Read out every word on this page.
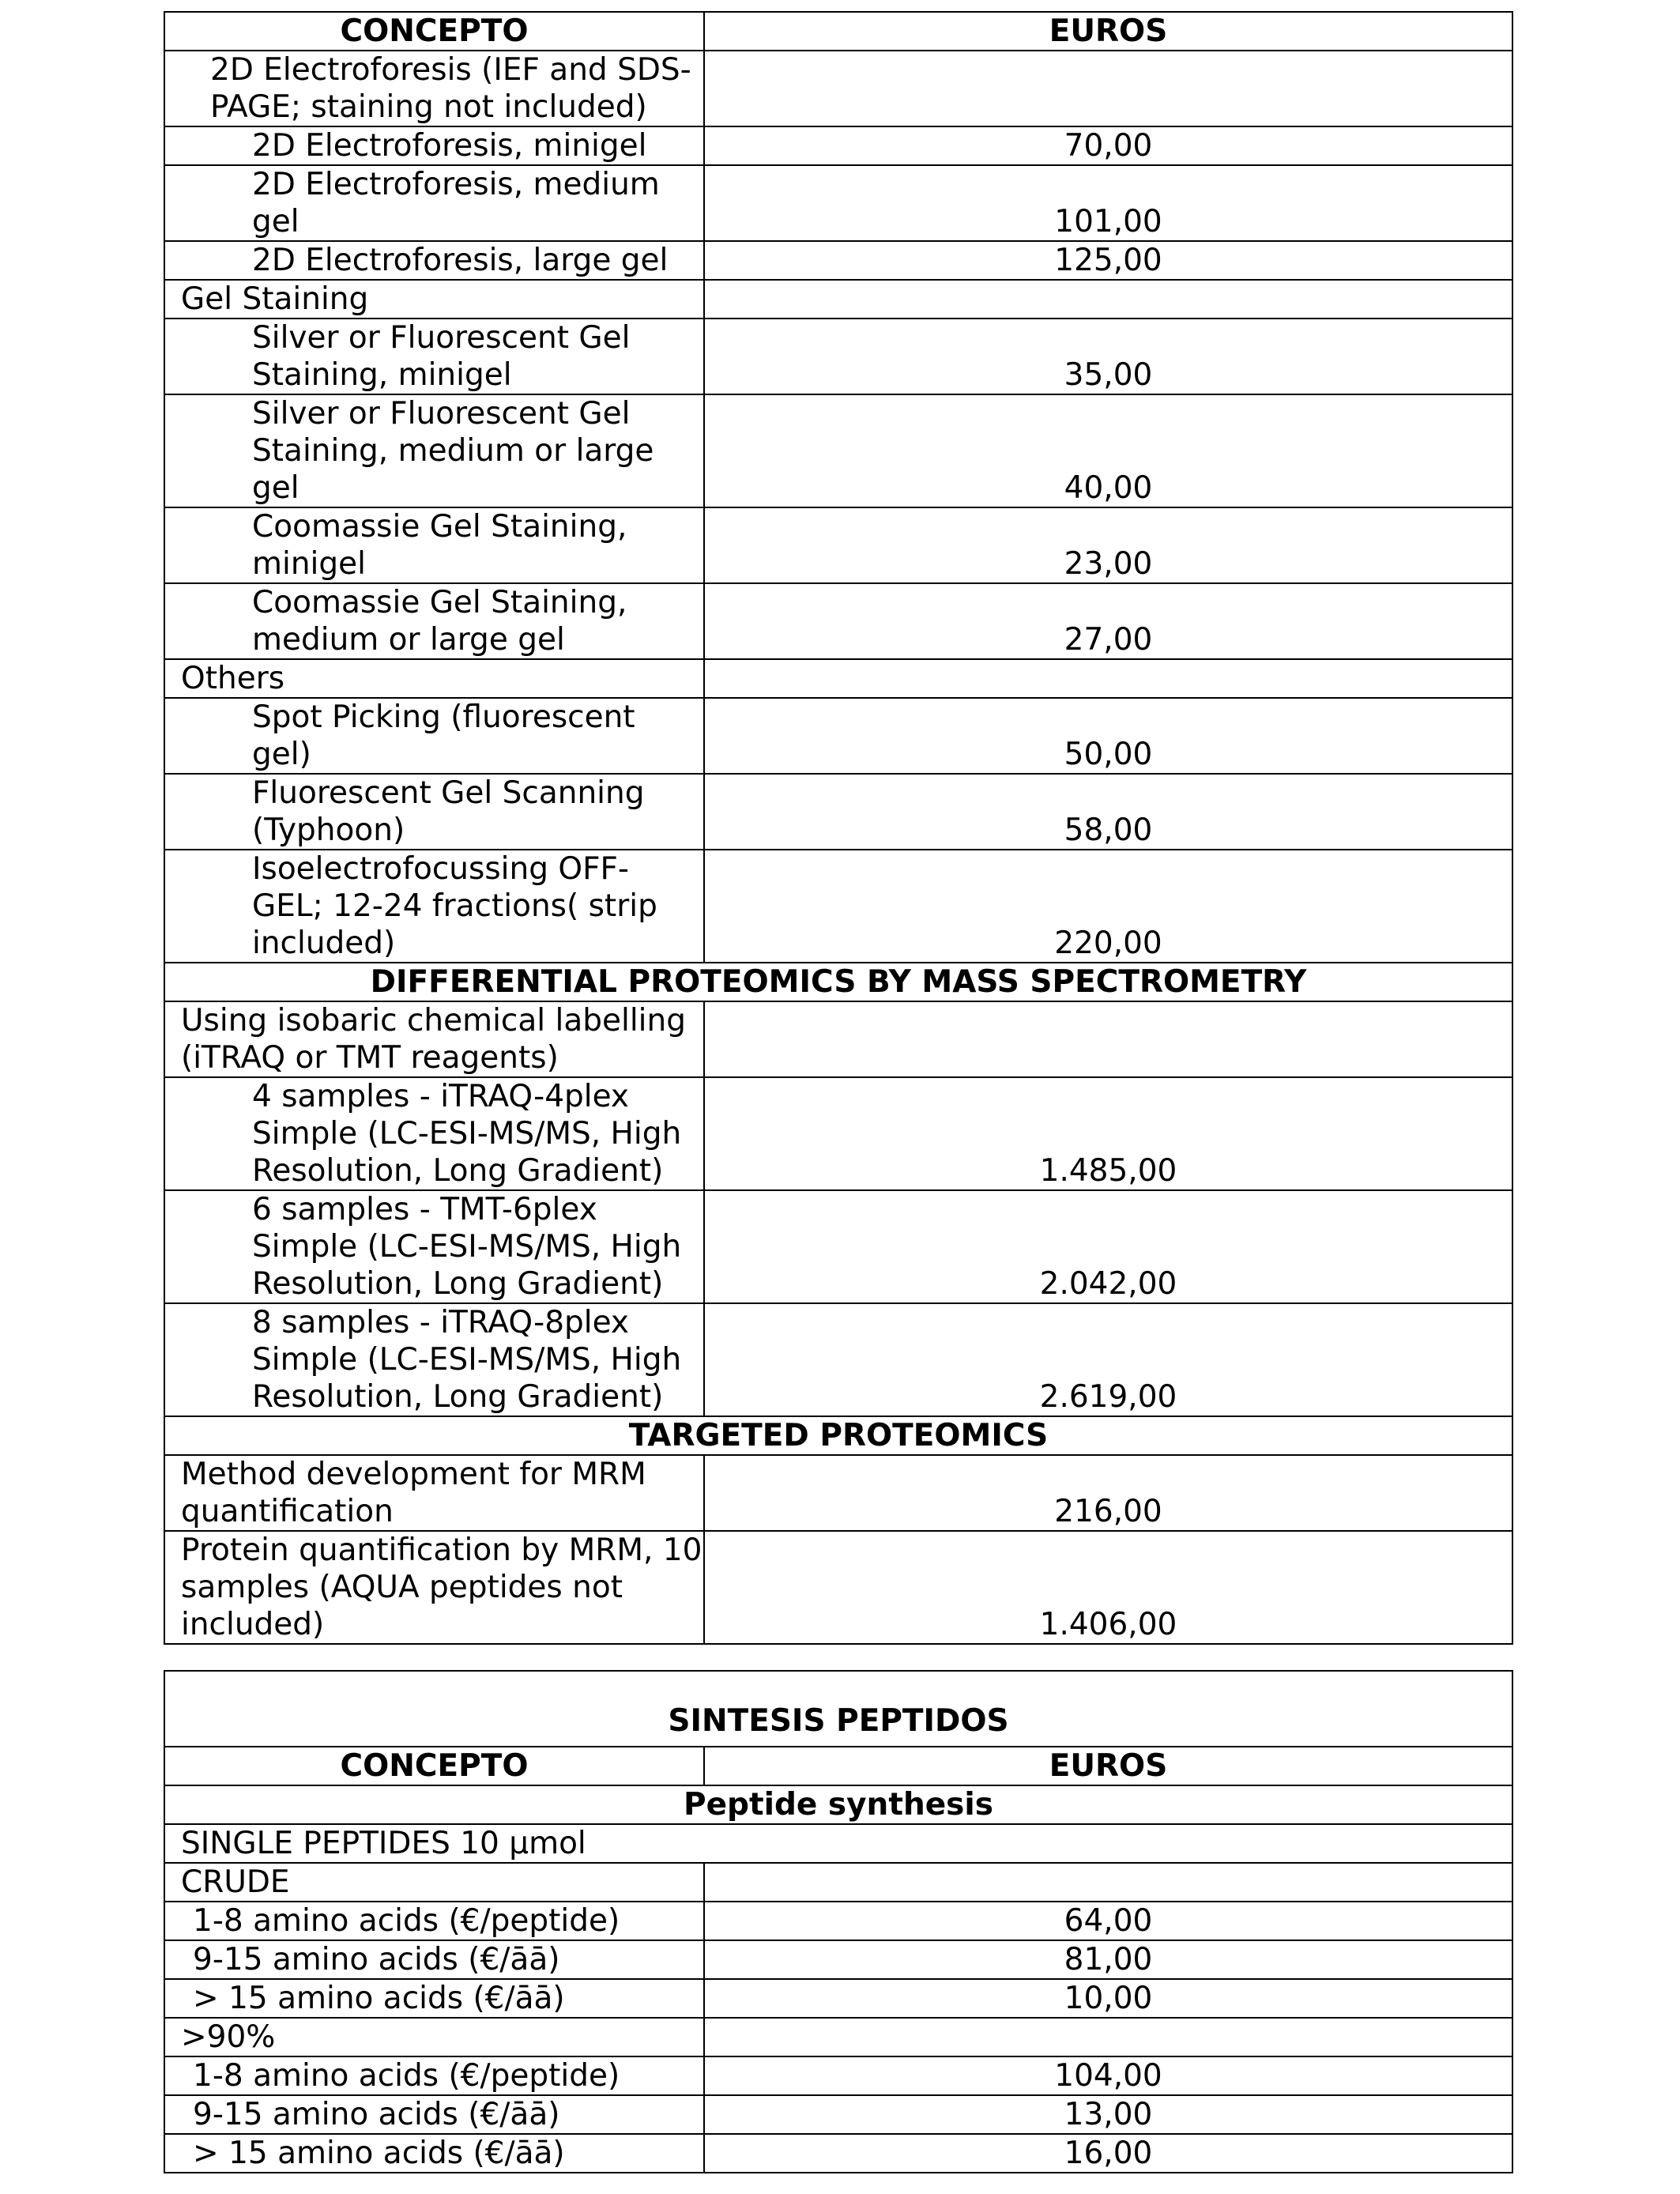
CONCEPTO	EUROS
2D Electroforesis (IEF and SDS-
PAGE; staining not included)	
2D Electroforesis, minigel	70,00
2D Electroforesis, medium
gel	101,00
2D Electroforesis, large gel	125,00
Gel Staining	
Silver or Fluorescent Gel
Staining, minigel	35,00
Silver or Fluorescent Gel
Staining, medium or large
gel	40,00
Coomassie Gel Staining,
minigel	23,00
Coomassie Gel Staining,
medium or large gel	27,00
Others	
Spot Picking (fluorescent
gel)	50,00
Fluorescent Gel Scanning
(Typhoon)	58,00
Isoelectrofocussing OFF-
GEL; 12-24 fractions( strip
included)	220,00
DIFFERENTIAL PROTEOMICS BY MASS SPECTROMETRY	
Using isobaric chemical labelling
(iTRAQ or TMT reagents)	
4 samples - iTRAQ-4plex
Simple (LC-ESI-MS/MS, High
Resolution, Long Gradient)	1.485,00
6 samples - TMT-6plex
Simple (LC-ESI-MS/MS, High
Resolution, Long Gradient)	2.042,00
8 samples - iTRAQ-8plex
Simple (LC-ESI-MS/MS, High
Resolution, Long Gradient)	2.619,00
TARGETED PROTEOMICS	
Method development for MRM
quantification	216,00
Protein quantification by MRM, 10
samples (AQUA peptides not
included)	1.406,00
SINTESIS PEPTIDOS	
CONCEPTO	EUROS
Peptide synthesis	
SINGLE PEPTIDES 10 µmol	
CRUDE	
1-8 amino acids (€/peptide)	64,00
9-15 amino acids (€/āā)	81,00
> 15 amino acids (€/āā)	10,00
>90%	
1-8 amino acids (€/peptide)	104,00
9-15 amino acids (€/āā)	13,00
> 15 amino acids (€/āā)	16,00
